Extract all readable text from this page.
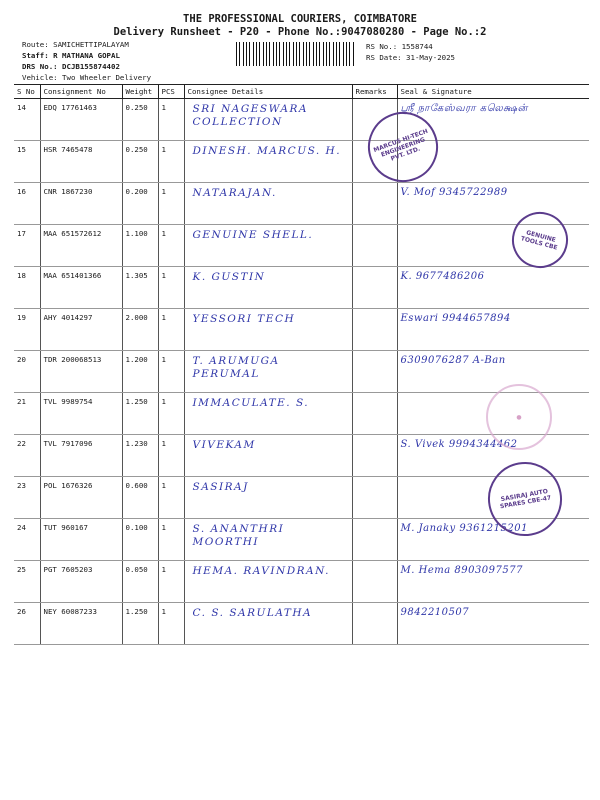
THE PROFESSIONAL COURIERS, COIMBATORE
Delivery Runsheet - P20 - Phone No.:9047080280 - Page No.:2
Route: SAMICHETTIPALAYAM
Staff: R MATHANA GOPAL
DRS No.: DCJB155874402
Vehicle: Two Wheeler Delivery
RS No.: 1558744
RS Date: 31-May-2025
S No	Consignment No	Weight	PCS	Consignee Details	Remarks	Seal & Signature
14	EDQ 17761463	0.250	1	SRI NAGESWARA COLLECTION		ஸ்ரீ நாகேஸ்வரா கலெக்ஷன்
15	HSR 7465478	0.250	1	DINESH. MARCUS. H.		
16	CNR 1867230	0.200	1	NATARAJAN.		V. Mof 9345722989
17	MAA 651572612	1.100	1	GENUINE SHELL.		
18	MAA 651401366	1.305	1	K. GUSTIN		K. 9677486206
19	AHY 4014297	2.000	1	YESSORI TECH		Eswari 9944657894
20	TDR 200068513	1.200	1	T. ARUMUGA PERUMAL		6309076287 A-Ban
21	TVL 9989754	1.250	1	IMMACULATE. S.		
22	TVL 7917096	1.230	1	VIVEKAM		S. Vivek 9994344462
23	POL 1676326	0.600	1	SASIRAJ		
24	TUT 960167	0.100	1	S. ANANTHRI MOORTHI		M. Janaky 9361215201
25	PGT 7605203	0.050	1	HEMA. RAVINDRAN.		M. Hema 8903097577
26	NEY 60087233	1.250	1	C. S. SARULATHA		9842210507
MARCUS HI-TECH ENGINEERING PVT. LTD.
GENUINE TOOLS CBE
●
SASIRAJ AUTO SPARES CBE-47
